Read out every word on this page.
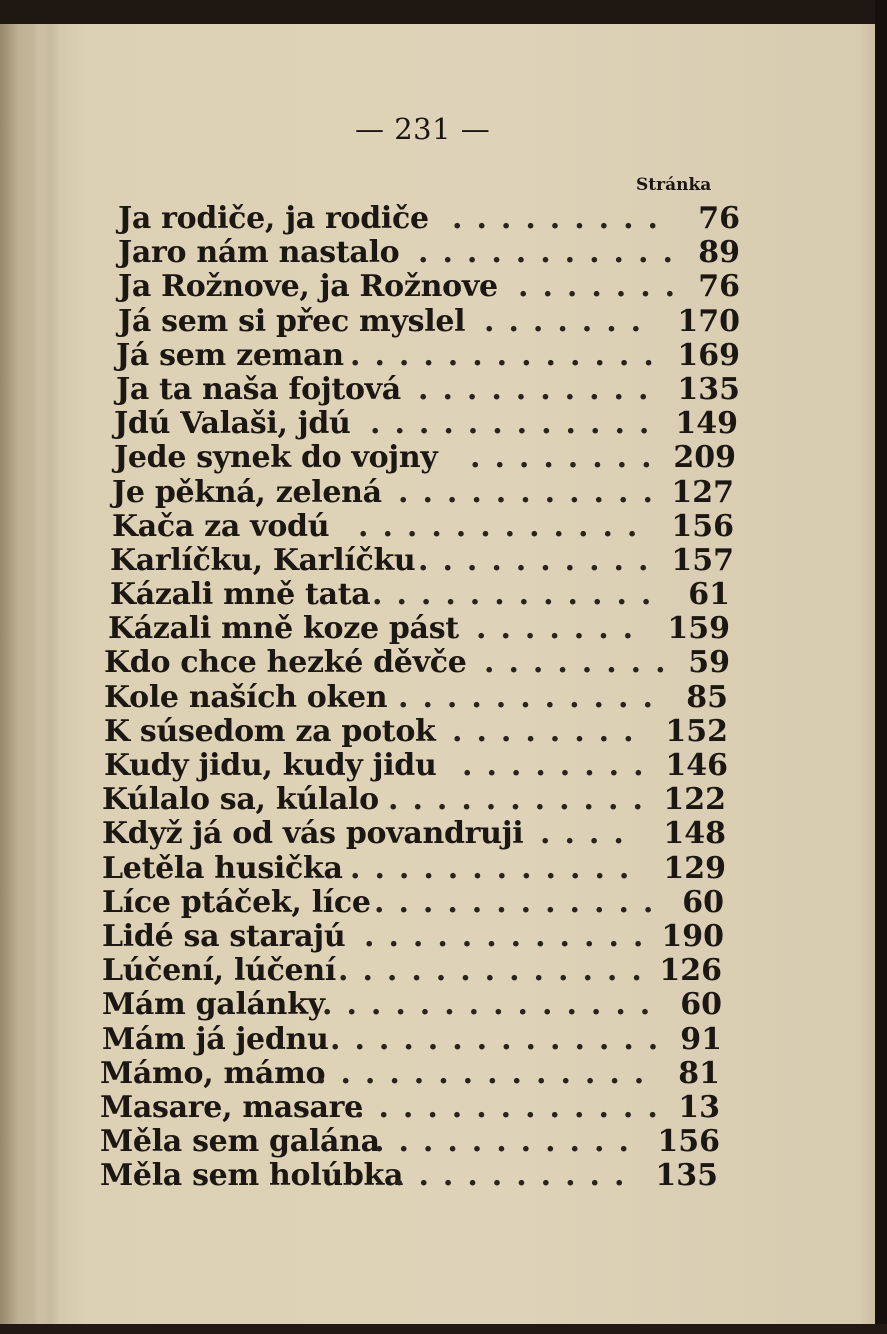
— 231 —
Stránka
Ja rodiče, ja rodiče ......... 76
Jaro nám nastalo ........... 89
Ja Rožnove, ja Rožnove ....... 76
Já sem si přec myslel ....... 170
Já sem zeman ............. 169
Ja ta naša fojtová .......... 135
Jdú Valaši, jdú ............ 149
Jede synek do vojny ........ 209
Je pěkná, zelená ........... 127
Kača za vodú ............ 156
Karlíčku, Karlíčku .......... 157
Kázali mně tata ............ 61
Kázali mně koze pást ....... 159
Kdo chce hezké děvče ........ 59
Kole naších oken ........... 85
K súsedom za potok ........ 152
Kudy jidu, kudy jidu ........ 146
Kúlalo sa, kúlalo ........... 122
Když já od vás povandruji .... 148
Letěla husička ............ 129
Líce ptáček, líce ............ 60
Lidé sa starajú ............ 190
Lúčení, lúčení ............. 126
Mám galánky
.............. 60
Mám já jednu .............. 91
Mámo, mámo
.............. 81
Masare, masare
............. 13
Měla sem galána
........... 156
Měla sem holúbka
.......... 135
